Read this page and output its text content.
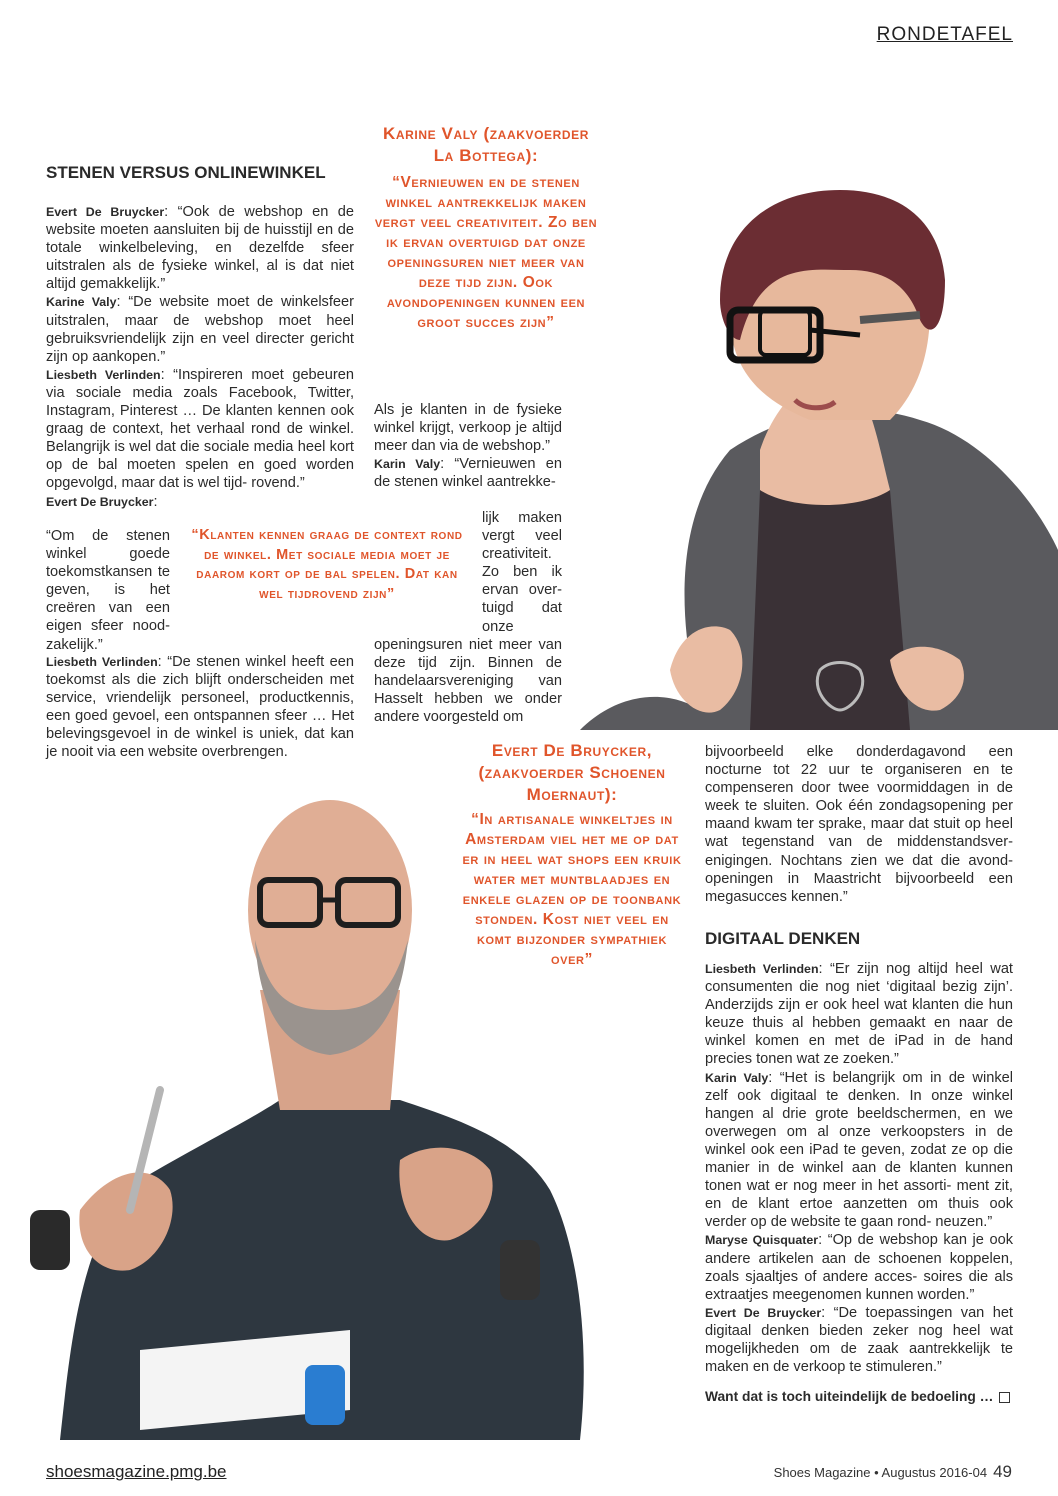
RONDETAFEL
STENEN VERSUS ONLINEWINKEL

Evert De Bruycker: “Ook de webshop en de website moeten aansluiten bij de huisstijl en de totale winkelbeleving, en dezelfde sfeer uitstralen als de fysieke winkel, al is dat niet altijd gemakkelijk.”

Karine Valy: “De website moet de winkelsfeer uitstralen, maar de webshop moet heel gebruiksvriendelijk zijn en veel directer gericht zijn op aankopen.”

Liesbeth Verlinden: “Inspireren moet gebeuren via sociale media zoals Facebook, Twitter, Instagram, Pinterest … De klanten kennen ook graag de context, het verhaal rond de winkel. Belangrijk is wel dat die sociale media heel kort op de bal moeten spelen en goed worden opgevolgd, maar dat is wel tijd- rovend.”

Evert De Bruycker:

“Om de stenen winkel goede toekomstkansen te geven, is het creëren van een eigen sfeer nood- zakelijk.”

Liesbeth Verlinden: “De stenen winkel heeft een toekomst als die zich blijft onderscheiden met service, vriendelijk personeel, productkennis, een goed gevoel, een ontspannen sfeer … Het belevingsgevoel in de winkel is uniek, dat kan je nooit via een website overbrengen.

“Klanten kennen graag de context rond de winkel. Met sociale media moet je daarom kort op de bal spelen. Dat kan wel tijdrovend zijn”
Karine Valy (zaakvoerder La Bottega):
“Vernieuwen en de stenen winkel aantrekkelijk maken vergt veel creativiteit. Zo ben ik ervan overtuigd dat onze openingsuren niet meer van deze tijd zijn. Ook avondopeningen kunnen een groot succes zijn”

Als je klanten in de fysieke winkel krijgt, verkoop je altijd meer dan via de webshop.”

Karin Valy: “Vernieuwen en de stenen winkel aantrekke-

lijk maken vergt veel creativiteit. Zo ben ik ervan over- tuigd dat onze

openingsuren niet meer van deze tijd zijn. Binnen de handelaarsvereniging van Hasselt hebben we onder andere voorgesteld om

Evert De Bruycker, (zaakvoerder Schoenen Moernaut):
“In artisanale winkeltjes in Amsterdam viel het me op dat er in heel wat shops een kruik water met muntblaadjes en enkele glazen op de toonbank stonden. Kost niet veel en komt bijzonder sympathiek over”

bijvoorbeeld elke donderdagavond een nocturne tot 22 uur te organiseren en te compenseren door twee voormiddagen in de week te sluiten. Ook één zondagsopening per maand kwam ter sprake, maar dat stuit op heel wat tegenstand van de middenstandsver- enigingen. Nochtans zien we dat die avond- openingen in Maastricht bijvoorbeeld een megasucces kennen.”

DIGITAAL DENKEN

Liesbeth Verlinden: “Er zijn nog altijd heel wat consumenten die nog niet ‘digitaal bezig zijn’. Anderzijds zijn er ook heel wat klanten die hun keuze thuis al hebben gemaakt en naar de winkel komen en met de iPad in de hand precies tonen wat ze zoeken.”

Karin Valy: “Het is belangrijk om in de winkel zelf ook digitaal te denken. In onze winkel hangen al drie grote beeldschermen, en we overwegen om al onze verkoopsters in de winkel ook een iPad te geven, zodat ze op die manier in de winkel aan de klanten kunnen tonen wat er nog meer in het assorti- ment zit, en de klant ertoe aanzetten om thuis ook verder op de website te gaan rond- neuzen.”

Maryse Quisquater: “Op de webshop kan je ook andere artikelen aan de schoenen koppelen, zoals sjaaltjes of andere acces- soires die als extraatjes meegenomen kunnen worden.”

Evert De Bruycker: “De toepassingen van het digitaal denken bieden zeker nog heel wat mogelijkheden om de zaak aantrekkelijk te maken en de verkoop te stimuleren.”

Want dat is toch uiteindelijk de bedoeling …

shoesmagazine.pmg.be	Shoes Magazine • Augustus 2016-04 49
